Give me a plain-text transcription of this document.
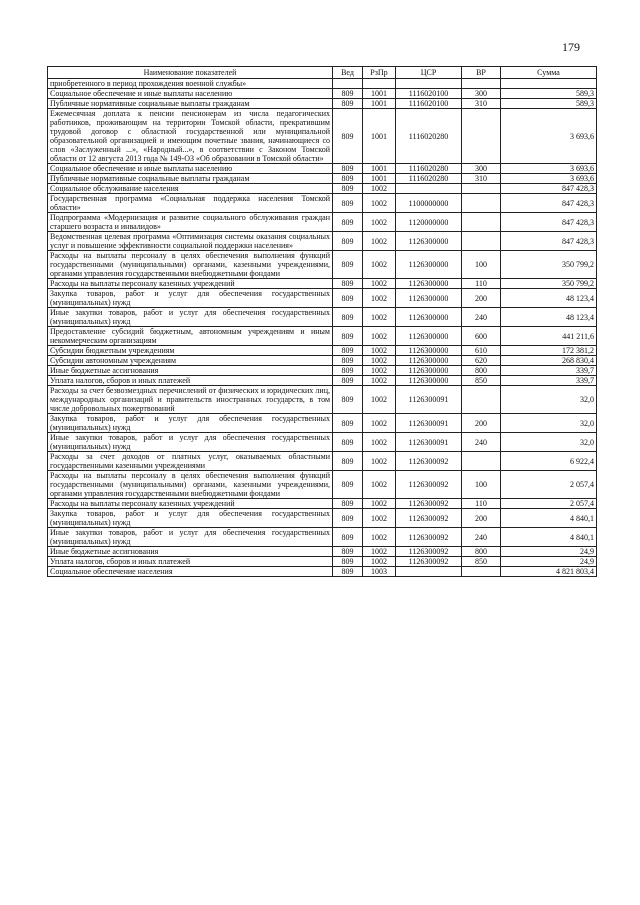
179
Наименование показателей	Вед	РзПр	ЦСР	ВР	Сумма
приобретенного в период прохождения военной службы»					
Социальное обеспечение и иные выплаты населению	809	1001	1116020100	300	589,3
Публичные нормативные социальные выплаты гражданам	809	1001	1116020100	310	589,3
Ежемесячная доплата к пенсии пенсионерам из числа педагогических работников, проживающим на территории Томской области, прекратившим трудовой договор с областной государственной или муниципальной образовательной организацией и имеющим почетные звания, начинающиеся со слов «Заслуженный ...», «Народный...», в соответствии с Законом Томской области от 12 августа 2013 года № 149-ОЗ «Об образовании в Томской области»	809	1001	1116020280		3 693,6
Социальное обеспечение и иные выплаты населению	809	1001	1116020280	300	3 693,6
Публичные нормативные социальные выплаты гражданам	809	1001	1116020280	310	3 693,6
Социальное обслуживание населения	809	1002			847 428,3
Государственная программа «Социальная поддержка населения Томской области»	809	1002	1100000000		847 428,3
Подпрограмма «Модернизация и развитие социального обслуживания граждан старшего возраста и инвалидов»	809	1002	1120000000		847 428,3
Ведомственная целевая программа «Оптимизация системы оказания социальных услуг и повышение эффективности социальной поддержки населения»	809	1002	1126300000		847 428,3
Расходы на выплаты персоналу в целях обеспечения выполнения функций государственными (муниципальными) органами, казенными учреждениями, органами управления государственными внебюджетными фондами	809	1002	1126300000	100	350 799,2
Расходы на выплаты персоналу казенных учреждений	809	1002	1126300000	110	350 799,2
Закупка товаров, работ и услуг для обеспечения государственных (муниципальных) нужд	809	1002	1126300000	200	48 123,4
Иные закупки товаров, работ и услуг для обеспечения государственных (муниципальных) нужд	809	1002	1126300000	240	48 123,4
Предоставление субсидий бюджетным, автономным учреждениям и иным некоммерческим организациям	809	1002	1126300000	600	441 211,6
Субсидии бюджетным учреждениям	809	1002	1126300000	610	172 381,2
Субсидии автономным учреждениям	809	1002	1126300000	620	268 830,4
Иные бюджетные ассигнования	809	1002	1126300000	800	339,7
Уплата налогов, сборов и иных платежей	809	1002	1126300000	850	339,7
Расходы за счет безвозмездных перечислений от физических и юридических лиц, международных организаций и правительств иностранных государств, в том числе добровольных пожертвований	809	1002	1126300091		32,0
Закупка товаров, работ и услуг для обеспечения государственных (муниципальных) нужд	809	1002	1126300091	200	32,0
Иные закупки товаров, работ и услуг для обеспечения государственных (муниципальных) нужд	809	1002	1126300091	240	32,0
Расходы за счет доходов от платных услуг, оказываемых областными государственными казенными учреждениями	809	1002	1126300092		6 922,4
Расходы на выплаты персоналу в целях обеспечения выполнения функций государственными (муниципальными) органами, казенными учреждениями, органами управления государственными внебюджетными фондами	809	1002	1126300092	100	2 057,4
Расходы на выплаты персоналу казенных учреждений	809	1002	1126300092	110	2 057,4
Закупка товаров, работ и услуг для обеспечения государственных (муниципальных) нужд	809	1002	1126300092	200	4 840,1
Иные закупки товаров, работ и услуг для обеспечения государственных (муниципальных) нужд	809	1002	1126300092	240	4 840,1
Иные бюджетные ассигнования	809	1002	1126300092	800	24,9
Уплата налогов, сборов и иных платежей	809	1002	1126300092	850	24,9
Социальное обеспечение населения	809	1003			4 821 803,4
